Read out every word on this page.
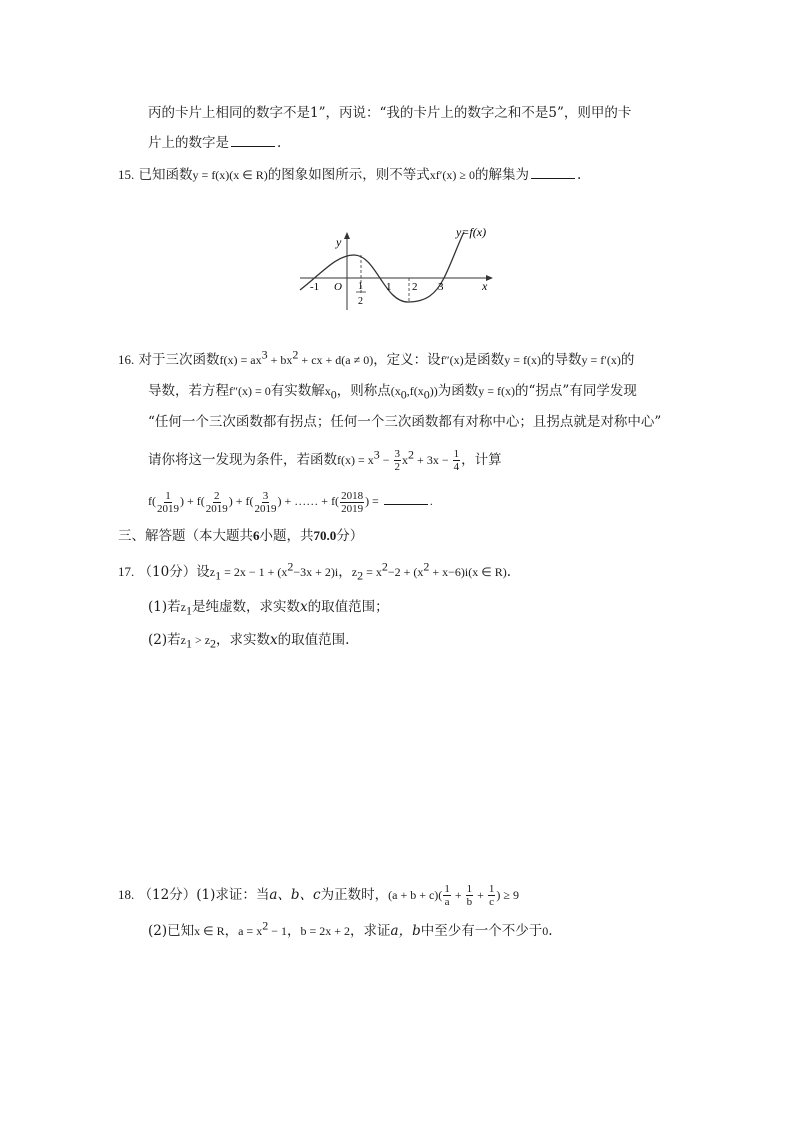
丙的卡片上相同的数字不是1”，丙说：“我的卡片上的数字之和不是5”，则甲的卡
片上的数字是	.
15. 已知函数y = f(x)(x ∈ R)的图象如图所示，则不等式xf′(x) ≥ 0的解集为	.
y
x
y=f(x)
O
-1	1
2
1 2 3
16. 对于三次函数$f(x) = ax^3 + bx^2$ + cx + d(a ≠ 0)，定义：设f″(x)是函数y = f(x)的导数y = f′(x)的
导数，若方程f″(x) = 0有实数解$x_0$，则称点$(x_0,f(x_0))$为函数y = f(x)的“拐点”有同学发现
“任何一个三次函数都有拐点；任何一个三次函数都有对称中心；且拐点就是对称中心”
请你将这一发现为条件，若函数$f(x) = x^3 - \frac{3}{2} x^2 + 3x - \frac{1}{4}$ ，计算
$f( \frac{1}{2019}$ ) + $f( \frac{2}{2019}$ ) + $f( \frac{3}{2019}$ ) + …… + $f( \frac{2018}{2019}$ ) =	.
三、解答题（本大题共6小题，共70.0分）
17. （10分）设$z_1 = 2x - 1 + (x^2-3x + 2)i$，$z_2 = x^2-2 + (x^2 + x-6)i(x$ ∈ R).
(1)若$z_1$是纯虚数，求实数x的取值范围；
(2)若$z_1 > z_2$，求实数x的取值范围.
18. （12分）(1)求证：当a、b、c为正数时，$(a + b + c)( \frac{1}{a} + \frac{1}{b} + \frac{1}{c}$ ) ≥ 9
(2)已知x ∈ R，$a = x^2 - 1$，b = 2x + 2，求证a，b中至少有一个不少于0.
